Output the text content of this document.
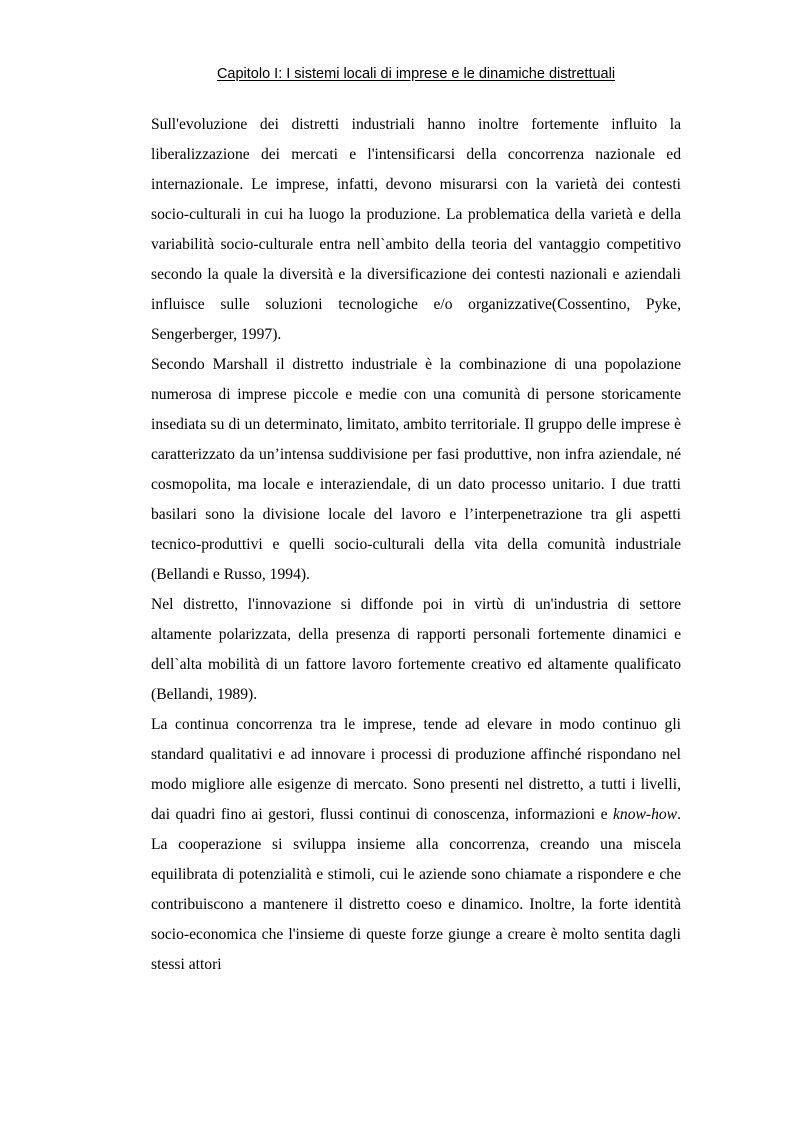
Capitolo I: I sistemi locali di imprese e le dinamiche distrettuali

Sull'evoluzione dei distretti industriali hanno inoltre fortemente influito la liberalizzazione dei mercati e l'intensificarsi della concorrenza nazionale ed internazionale. Le imprese, infatti, devono misurarsi con la varietà dei contesti socio-culturali in cui ha luogo la produzione. La problematica della varietà e della variabilità socio-culturale entra nell`ambito della teoria del vantaggio competitivo secondo la quale la diversità e la diversificazione dei contesti nazionali e aziendali influisce sulle soluzioni tecnologiche e/o organizzative(Cossentino, Pyke, Sengerberger, 1997).

Secondo Marshall il distretto industriale è la combinazione di una popolazione numerosa di imprese piccole e medie con una comunità di persone storicamente insediata su di un determinato, limitato, ambito territoriale. Il gruppo delle imprese è caratterizzato da un’intensa suddivisione per fasi produttive, non infra aziendale, né cosmopolita, ma locale e interaziendale, di un dato processo unitario. I due tratti basilari sono la divisione locale del lavoro e l’interpenetrazione tra gli aspetti tecnico-produttivi e quelli socio-culturali della vita della comunità industriale (Bellandi e Russo, 1994).

Nel distretto, l'innovazione si diffonde poi in virtù di un'industria di settore altamente polarizzata, della presenza di rapporti personali fortemente dinamici e dell`alta mobilità di un fattore lavoro fortemente creativo ed altamente qualificato (Bellandi, 1989).

La continua concorrenza tra le imprese, tende ad elevare in modo continuo gli standard qualitativi e ad innovare i processi di produzione affinché rispondano nel modo migliore alle esigenze di mercato. Sono presenti nel distretto, a tutti i livelli, dai quadri fino ai gestori, flussi continui di conoscenza, informazioni e know-how. La cooperazione si sviluppa insieme alla concorrenza, creando una miscela equilibrata di potenzialità e stimoli, cui le aziende sono chiamate a rispondere e che contribuiscono a mantenere il distretto coeso e dinamico. Inoltre, la forte identità socio-economica che l'insieme di queste forze giunge a creare è molto sentita dagli stessi attori
